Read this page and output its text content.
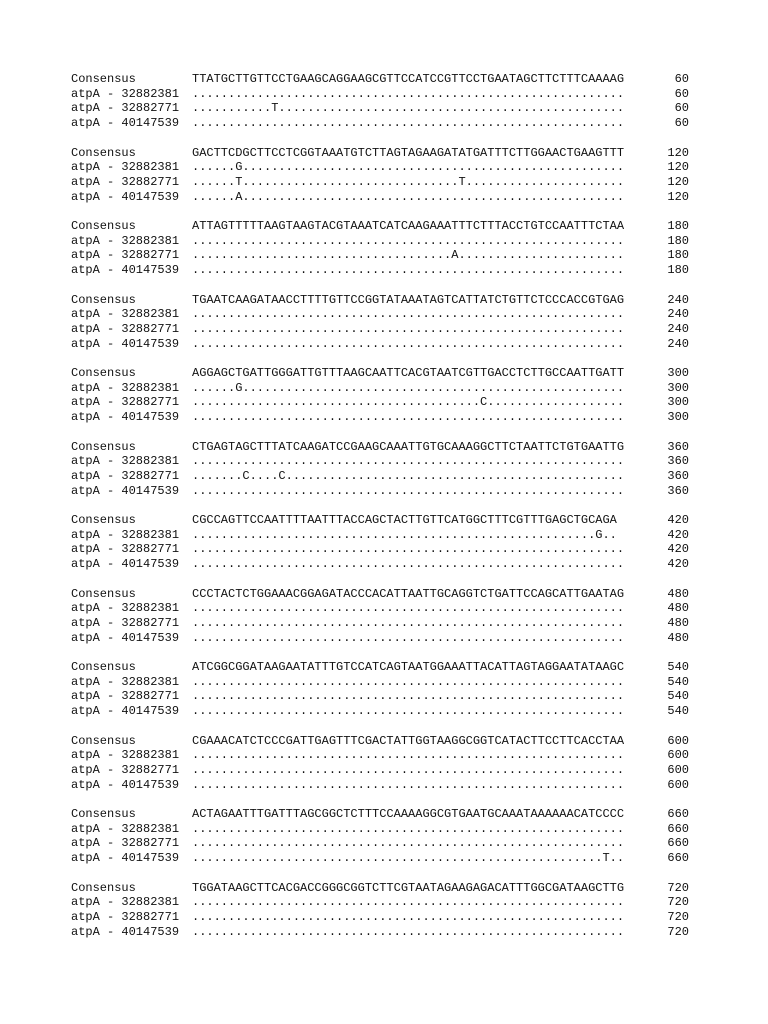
Consensus	TTATGCTTGTTCCTGAAGCAGGAAGCGTTCCATCCGTTCCTGAATAGCTTCTTTCAAAAG	60
atpA - 32882381 ............................................................	60
atpA - 32882771 ...........T................................................	60
atpA - 40147539 ............................................................	60
Consensus	GACTTCDGCTTCCTCGGTAAATGTCTTAGTAGAAGATATGATTTCTTGGAACTGAAGTTT	120
atpA - 32882381 ......G.....................................................	120
atpA - 32882771 ......T..............................T......................	120
atpA - 40147539 ......A.....................................................	120
Consensus	ATTAGTTTTTAAGTAAGTACGTAAATCATCAAGAAATTTCTTTACCTGTCCAATTTCTAA	180
atpA - 32882381 ............................................................	180
atpA - 32882771 ....................................A.......................	180
atpA - 40147539 ............................................................	180
Consensus	TGAATCAAGATAACCTTTTGTTCCGGTATAAATAGTCATTATCTGTTCTCCCACCGTGAG	240
atpA - 32882381 ............................................................	240
atpA - 32882771 ............................................................	240
atpA - 40147539 ............................................................	240
Consensus	AGGAGCTGATTGGGATTGTTTAAGCAATTCACGTAATCGTTGACCTCTTGCCAATTGATT	300
atpA - 32882381 ......G.....................................................	300
atpA - 32882771 ........................................C...................	300
atpA - 40147539 ............................................................	300
Consensus	CTGAGTAGCTTTATCAAGATCCGAAGCAAATTGTGCAAAGGCTTCTAATTCTGTGAATTG	360
atpA - 32882381 ............................................................	360
atpA - 32882771 .......C....C...............................................	360
atpA - 40147539 ............................................................	360
Consensus	CGCCAGTTCCAATTTTAATTTACCAGCTACTTGTTCATGGCTTTCGTTTGAGCTGCAGA	420
atpA - 32882381 ........................................................G..	420
atpA - 32882771 ............................................................	420
atpA - 40147539 ............................................................	420
Consensus	CCCTACTCTGGAAACGGAGATACCCACATTAATTGCAGGTCTGATTCCAGCATTGAATAG	480
atpA - 32882381 ............................................................	480
atpA - 32882771 ............................................................	480
atpA - 40147539 ............................................................	480
Consensus	ATCGGCGGATAAGAATATTTGTCCATCAGTAATGGAAATTACATTAGTAGGAATATAAGC	540
atpA - 32882381 ............................................................	540
atpA - 32882771 ............................................................	540
atpA - 40147539 ............................................................	540
Consensus	CGAAACATCTCCCGATTGAGTTTCGACTATTGGTAAGGCGGTCATACTTCCTTCACCTAA	600
atpA - 32882381 ............................................................	600
atpA - 32882771 ............................................................	600
atpA - 40147539 ............................................................	600
Consensus	ACTAGAATTTGATTTAGCGGCTCTTTCCAAAAGGCGTGAATGCAAATAAAAAACATCCCC	660
atpA - 32882381 ............................................................	660
atpA - 32882771 ............................................................	660
atpA - 40147539 .........................................................T..	660
Consensus	TGGATAAGCTTCACGACCGGGCGGTCTTCGTAATAGAAGAGACATTTGGCGATAAGCTTG	720
atpA - 32882381 ............................................................	720
atpA - 32882771 ............................................................	720
atpA - 40147539 ............................................................	720
